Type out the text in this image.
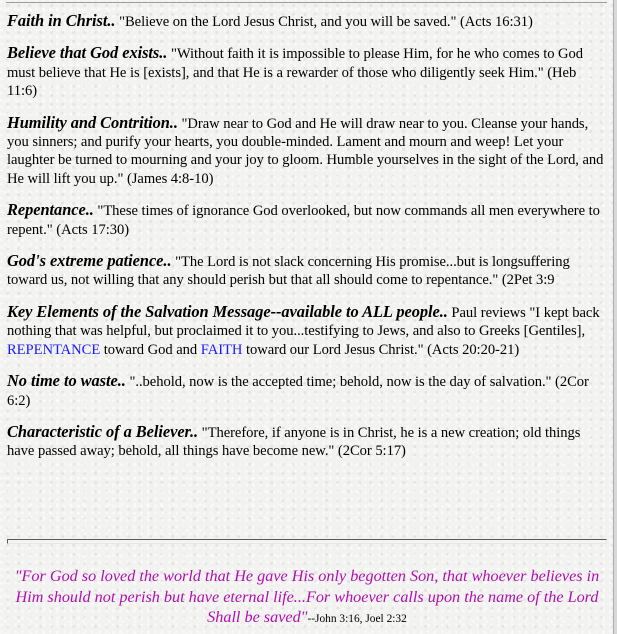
Faith in Christ.. "Believe on the Lord Jesus Christ, and you will be saved." (Acts 16:31)

Believe that God exists.. "Without faith it is impossible to please Him, for he who comes to God must believe that He is [exists], and that He is a rewarder of those who diligently seek Him." (Heb 11:6)

Humility and Contrition.. "Draw near to God and He will draw near to you. Cleanse your hands, you sinners; and purify your hearts, you double-minded. Lament and mourn and weep! Let your laughter be turned to mourning and your joy to gloom. Humble yourselves in the sight of the Lord, and He will lift you up." (James 4:8-10)

Repentance.. "These times of ignorance God overlooked, but now commands all men everywhere to repent." (Acts 17:30)

God's extreme patience.. "The Lord is not slack concerning His promise...but is longsuffering toward us, not willing that any should perish but that all should come to repentance." (2Pet 3:9

Key Elements of the Salvation Message--available to ALL people.. Paul reviews "I kept back nothing that was helpful, but proclaimed it to you...testifying to Jews, and also to Greeks [Gentiles], REPENTANCE toward God and FAITH toward our Lord Jesus Christ." (Acts 20:20-21)

No time to waste.. "..behold, now is the accepted time; behold, now is the day of salvation." (2Cor 6:2)

Characteristic of a Believer.. "Therefore, if anyone is in Christ, he is a new creation; old things have passed away; behold, all things have become new." (2Cor 5:17)

"For God so loved the world that He gave His only begotten Son, that whoever believes in Him should not perish but have eternal life...For whoever calls upon the name of the Lord Shall be saved"--John 3:16, Joel 2:32
